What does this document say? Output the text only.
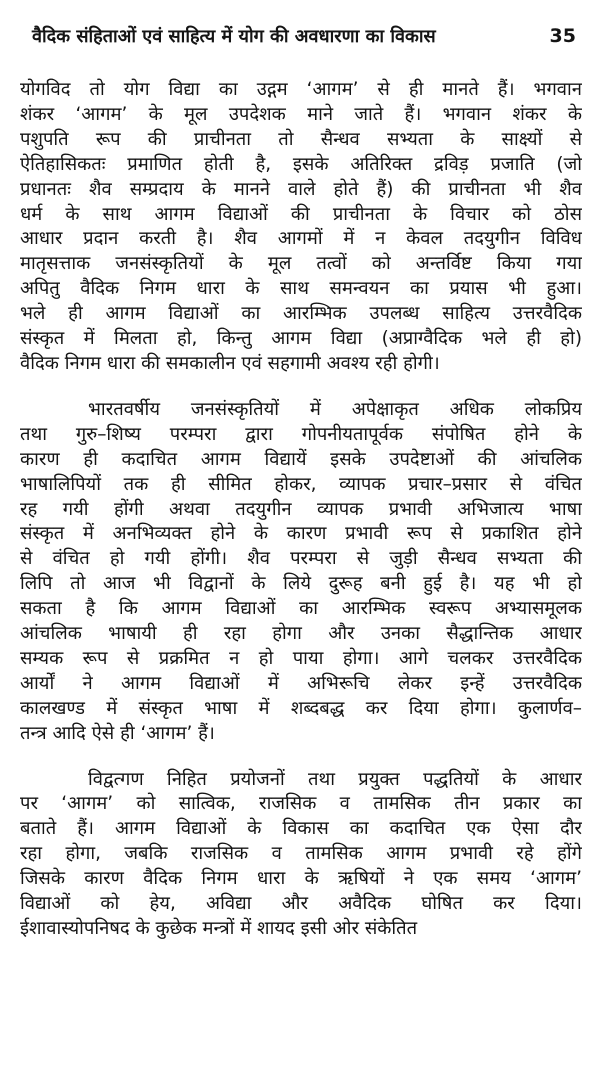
वैदिक संहिताओं एवं साहित्य में योग की अवधारणा का विकास	35
योगविद तो योग विद्या का उद्गम ‘आगम’ से ही मानते हैं। भगवान
शंकर ‘आगम’ के मूल उपदेशक माने जाते हैं। भगवान शंकर के
पशुपति रूप की प्राचीनता तो सैन्धव सभ्यता के साक्ष्यों से
ऐतिहासिकतः प्रमाणित होती है, इसके अतिरिक्त द्रविड़ प्रजाति (जो
प्रधानतः शैव सम्प्रदाय के मानने वाले होते हैं) की प्राचीनता भी शैव
धर्म के साथ आगम विद्याओं की प्राचीनता के विचार को ठोस
आधार प्रदान करती है। शैव आगमों में न केवल तदयुगीन विविध
मातृसत्ताक जनसंस्कृतियों के मूल तत्वों को अन्तर्विष्ट किया गया
अपितु वैदिक निगम धारा के साथ समन्वयन का प्रयास भी हुआ।
भले ही आगम विद्याओं का आरम्भिक उपलब्ध साहित्य उत्तरवैदिक
संस्कृत में मिलता हो, किन्तु आगम विद्या (अप्राग्वैदिक भले ही हो)
वैदिक निगम धारा की समकालीन एवं सहगामी अवश्य रही होगी।
भारतवर्षीय जनसंस्कृतियों में अपेक्षाकृत अधिक लोकप्रिय
तथा गुरु–शिष्य परम्परा द्वारा गोपनीयतापूर्वक संपोषित होने के
कारण ही कदाचित आगम विद्यायें इसके उपदेष्टाओं की आंचलिक
भाषालिपियों तक ही सीमित होकर, व्यापक प्रचार–प्रसार से वंचित
रह गयी होंगी अथवा तदयुगीन व्यापक प्रभावी अभिजात्य भाषा
संस्कृत में अनभिव्यक्त होने के कारण प्रभावी रूप से प्रकाशित होने
से वंचित हो गयी होंगी। शैव परम्परा से जुड़ी सैन्धव सभ्यता की
लिपि तो आज भी विद्वानों के लिये दुरूह बनी हुई है। यह भी हो
सकता है कि आगम विद्याओं का आरम्भिक स्वरूप अभ्यासमूलक
आंचलिक भाषायी ही रहा होगा और उनका सैद्धान्तिक आधार
सम्यक रूप से प्रक्रमित न हो पाया होगा। आगे चलकर उत्तरवैदिक
आर्यों ने आगम विद्याओं में अभिरूचि लेकर इन्हें उत्तरवैदिक
कालखण्ड में संस्कृत भाषा में शब्दबद्ध कर दिया होगा। कुलार्णव–
तन्त्र आदि ऐसे ही ‘आगम’ हैं।
विद्वत्गण निहित प्रयोजनों तथा प्रयुक्त पद्धतियों के आधार
पर ‘आगम’ को सात्विक, राजसिक व तामसिक तीन प्रकार का
बताते हैं। आगम विद्याओं के विकास का कदाचित एक ऐसा दौर
रहा होगा, जबकि राजसिक व तामसिक आगम प्रभावी रहे होंगे
जिसके कारण वैदिक निगम धारा के ऋषियों ने एक समय ‘आगम’
विद्याओं को हेय, अविद्या और अवैदिक घोषित कर दिया।
ईशावास्योपनिषद के कुछेक मन्त्रों में शायद इसी ओर संकेतित
